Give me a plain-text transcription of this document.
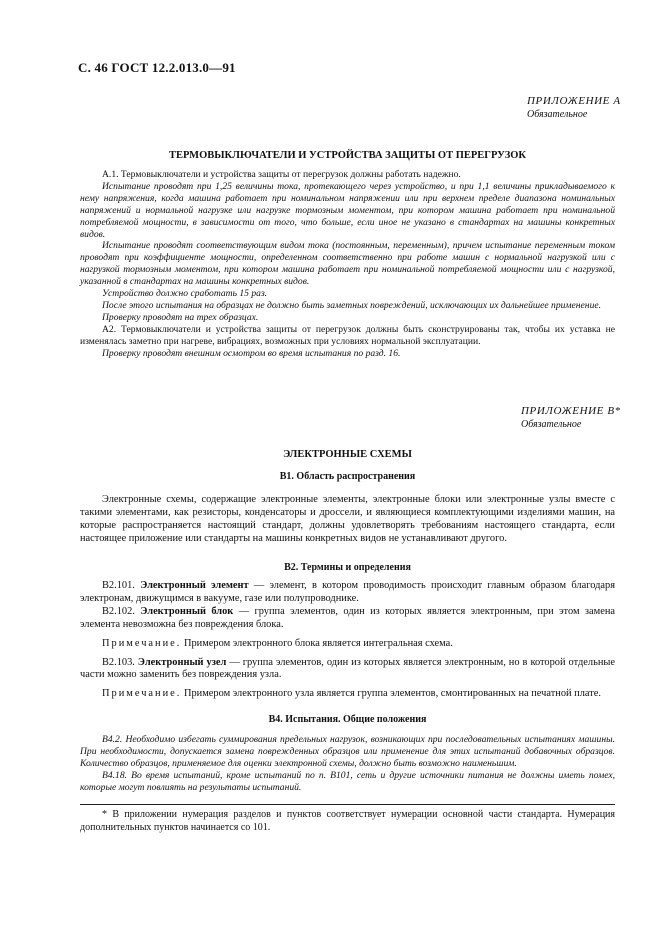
С. 46 ГОСТ 12.2.013.0—91
ПРИЛОЖЕНИЕ А
Обязательное
ТЕРМОВЫКЛЮЧАТЕЛИ И УСТРОЙСТВА ЗАЩИТЫ ОТ ПЕРЕГРУЗОК

А.1. Термовыключатели и устройства защиты от перегрузок должны работать надежно.

Испытание проводят при 1,25 величины тока, протекающего через устройство, и при 1,1 величины прикладываемого к нему напряжения, когда машина работает при номинальном напряжении или при верхнем пределе диапазона номинальных напряжений и нормальной нагрузке или нагрузке тормозным моментом, при котором машина работает при номинальной потребляемой мощности, в зависимости от того, что больше, если иное не указано в стандартах на машины конкретных видов.

Испытание проводят соответствующим видом тока (постоянным, переменным), причем испытание переменным током проводят при коэффициенте мощности, определенном соответственно при работе машин с нормальной нагрузкой или с нагрузкой тормозным моментом, при котором машина работает при номинальной потребляемой мощности или с нагрузкой, указанной в стандартах на машины конкретных видов.

Устройство должно сработать 15 раз.

После этого испытания на образцах не должно быть заметных повреждений, исключающих их дальнейшее применение.

Проверку проводят на трех образцах.

А2. Термовыключатели и устройства защиты от перегрузок должны быть сконструированы так, чтобы их уставка не изменялась заметно при нагреве, вибрациях, возможных при условиях нормальной эксплуатации.

Проверку проводят внешним осмотром во время испытания по разд. 16.

ПРИЛОЖЕНИЕ В*
Обязательное
ЭЛЕКТРОННЫЕ СХЕМЫ
В1. Область распространения

Электронные схемы, содержащие электронные элементы, электронные блоки или электронные узлы вместе с такими элементами, как резисторы, конденсаторы и дроссели, и являющиеся комплектующими изделиями машин, на которые распространяется настоящий стандарт, должны удовлетворять требованиям настоящего стандарта, если настоящее приложение или стандарты на машины конкретных видов не устанавливают другого.

В2. Термины и определения

В2.101. Электронный элемент — элемент, в котором проводимость происходит главным образом благодаря электронам, движущимся в вакууме, газе или полупроводнике.

В2.102. Электронный блок — группа элементов, один из которых является электронным, при этом замена элемента невозможна без повреждения блока.

Примечание. Примером электронного блока является интегральная схема.

В2.103. Электронный узел — группа элементов, один из которых является электронным, но в которой отдельные части можно заменить без повреждения узла.

Примечание. Примером электронного узла является группа элементов, смонтированных на печатной плате.

В4. Испытания. Общие положения

В4.2. Необходимо избегать суммирования предельных нагрузок, возникающих при последовательных испытаниях машины. При необходимости, допускается замена поврежденных образцов или применение для этих испытаний добавочных образцов. Количество образцов, применяемое для оценки электронной схемы, должно быть возможно наименьшим.

В4.18. Во время испытаний, кроме испытаний по п. В101, сеть и другие источники питания не должны иметь помех, которые могут повлиять на результаты испытаний.

* В приложении нумерация разделов и пунктов соответствует нумерации основной части стандарта. Нумерация дополнительных пунктов начинается со 101.
